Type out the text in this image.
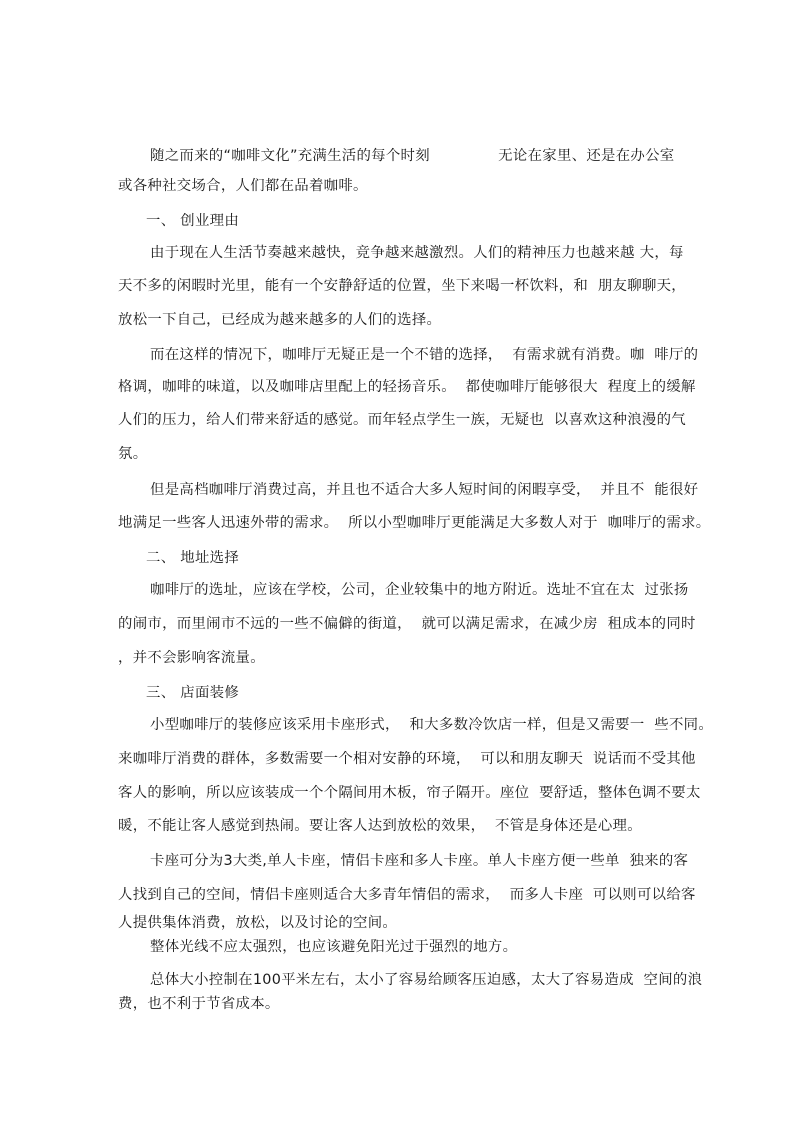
随之而来的“咖啡文化”充满生活的每个时刻              无论在家里、还是在办公室
或各种社交场合，人们都在品着咖啡。
一、 创业理由
由于现在人生活节奏越来越快，竞争越来越激烈。人们的精神压力也越来越 大，每
天不多的闲暇时光里，能有一个安静舒适的位置，坐下来喝一杯饮料，和  朋友聊聊天，
放松一下自己，已经成为越来越多的人们的选择。
而在这样的情况下，咖啡厅无疑正是一个不错的选择，  有需求就有消费。咖  啡厅的
格调，咖啡的味道，以及咖啡店里配上的轻扬音乐。  都使咖啡厅能够很大  程度上的缓解
人们的压力，给人们带来舒适的感觉。而年轻点学生一族，无疑也  以喜欢这种浪漫的气
氛。
但是高档咖啡厅消费过高，并且也不适合大多人短时间的闲暇享受，  并且不  能很好
地满足一些客人迅速外带的需求。  所以小型咖啡厅更能满足大多数人对于  咖啡厅的需求。
二、 地址选择
咖啡厅的选址，应该在学校，公司，企业较集中的地方附近。选址不宜在太  过张扬
的闹市，而里闹市不远的一些不偏僻的街道，  就可以满足需求，在减少房  租成本的同时
，并不会影响客流量。
三、 店面装修
小型咖啡厅的装修应该采用卡座形式，  和大多数冷饮店一样，但是又需要一  些不同。
来咖啡厅消费的群体，多数需要一个相对安静的环境，  可以和朋友聊天  说话而不受其他
客人的影响，所以应该装成一个个隔间用木板，帘子隔开。座位  要舒适，整体色调不要太
暖，不能让客人感觉到热闹。要让客人达到放松的效果，  不管是身体还是心理。
卡座可分为3大类,单人卡座，情侣卡座和多人卡座。单人卡座方便一些单  独来的客
人找到自己的空间，情侣卡座则适合大多青年情侣的需求，  而多人卡座  可以则可以给客
人提供集体消费，放松，以及讨论的空间。
整体光线不应太强烈，也应该避免阳光过于强烈的地方。
总体大小控制在100平米左右，太小了容易给顾客压迫感，太大了容易造成  空间的浪
费，也不利于节省成本。
